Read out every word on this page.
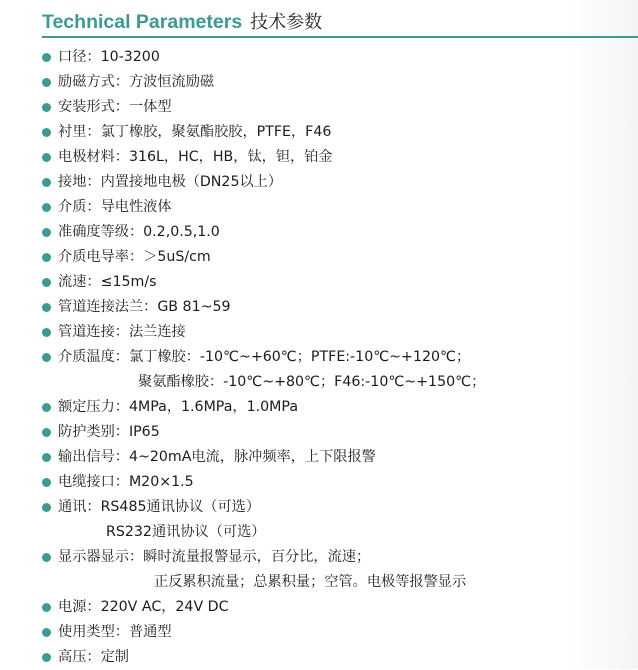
Technical Parameters 技术参数
口径：10-3200
励磁方式：方波恒流励磁
安装形式：一体型
衬里：氯丁橡胶，聚氨酯胶胶，PTFE，F46
电极材料：316L，HC，HB，钛，钽，铂金
接地：内置接地电极（DN25以上）
介质：导电性液体
准确度等级：0.2,0.5,1.0
介质电导率：＞5uS/cm
流速：≤15m/s
管道连接法兰：GB 81~59
管道连接：法兰连接
介质温度：氯丁橡胶：-10℃~+60℃；PTFE:-10℃~+120℃；
聚氨酯橡胶：-10℃~+80℃；F46:-10℃~+150℃；
额定压力：4MPa，1.6MPa，1.0MPa
防护类别：IP65
输出信号：4~20mA电流，脉冲频率，上下限报警
电缆接口：M20×1.5
通讯：RS485通讯协议（可选）
RS232通讯协议（可选）
显示器显示：瞬时流量报警显示，百分比，流速；
正反累积流量；总累积量；空管。电极等报警显示
电源：220V AC，24V DC
使用类型：普通型
高压：定制
